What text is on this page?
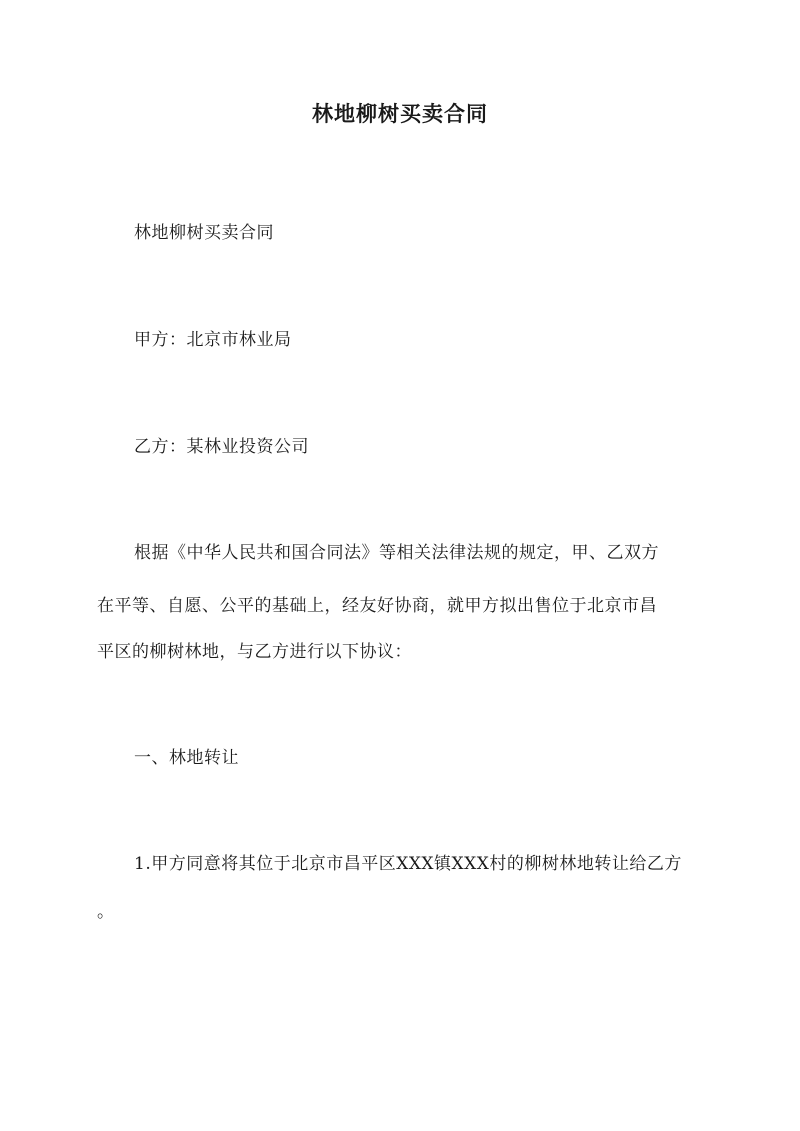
林地柳树买卖合同
林地柳树买卖合同
甲方：北京市林业局
乙方：某林业投资公司
根据《中华人民共和国合同法》等相关法律法规的规定，甲、乙双方
在平等、自愿、公平的基础上，经友好协商，就甲方拟出售位于北京市昌
平区的柳树林地，与乙方进行以下协议：
一、林地转让
1.甲方同意将其位于北京市昌平区XXX镇XXX村的柳树林地转让给乙方
。
